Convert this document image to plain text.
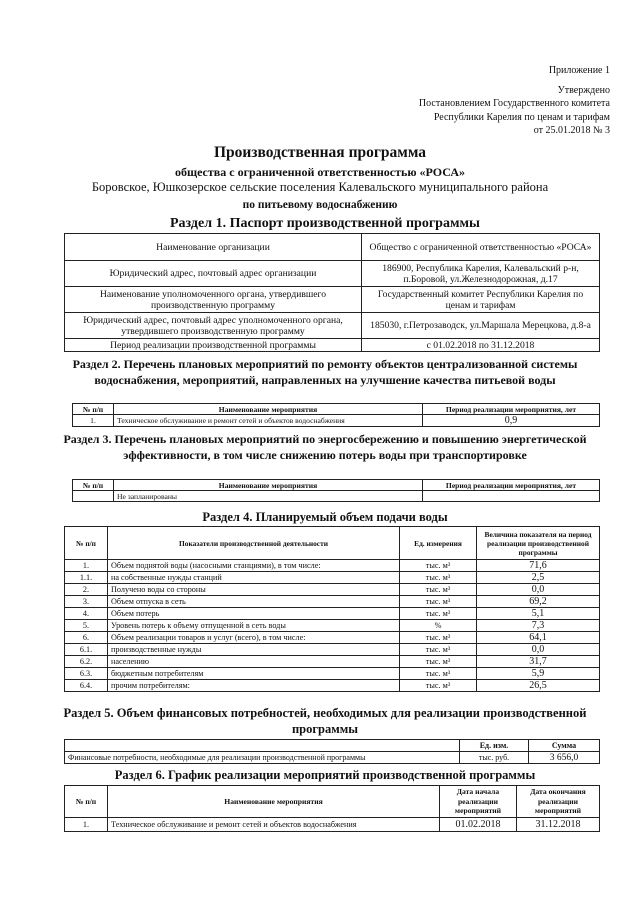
Приложение 1
Утверждено
Постановлением Государственного комитета
Республики Карелия по ценам и тарифам
от 25.01.2018 № 3
Производственная программа
общества с ограниченной ответственностью «РОСА»
Боровское, Юшкозерское сельские поселения Калевальского муниципального района
по питьевому водоснабжению
Раздел 1. Паспорт производственной программы
Наименование организации	Общество с ограниченной ответственностью «РОСА»
Юридический адрес, почтовый адрес организации	186900, Республика Карелия, Калевальский р-н, п.Боровой, ул.Железнодорожная, д.17
Наименование уполномоченного органа, утвердившего производственную программу	Государственный комитет Республики Карелия по ценам и тарифам
Юридический адрес, почтовый адрес уполномоченного органа, утвердившего производственную программу	185030, г.Петрозаводск, ул.Маршала Мерецкова, д.8-а
Период реализации производственной программы	с 01.02.2018 по 31.12.2018
Раздел 2. Перечень плановых мероприятий по ремонту объектов централизованной системы водоснабжения, мероприятий, направленных на улучшение качества питьевой воды
№ п/п	Наименование мероприятия	Период реализации мероприятия, лет
1.	Техническое обслуживание и ремонт сетей и объектов водоснабжения	0,9
Раздел 3. Перечень плановых мероприятий по энергосбережению и повышению энергетической эффективности, в том числе снижению потерь воды при транспортировке
№ п/п	Наименование мероприятия	Период реализации мероприятия, лет
	Не запланированы	
Раздел 4. Планируемый объем подачи воды
№ п/п	Показатели производственной деятельности	Ед. измерения	Величина показателя на период реализации производственной программы
1.	Объем поднятой воды (насосными станциями), в том числе:	тыс. м³	71,6
1.1.	на собственные нужды станций	тыс. м³	2,5
2.	Получено воды со стороны	тыс. м³	0,0
3.	Объем отпуска в сеть	тыс. м³	69,2
4.	Объем потерь	тыс. м³	5,1
5.	Уровень потерь к объему отпущенной в сеть воды	%	7,3
6.	Объем реализации товаров и услуг (всего), в том числе:	тыс. м³	64,1
6.1.	производственные нужды	тыс. м³	0,0
6.2.	населению	тыс. м³	31,7
6.3.	бюджетным потребителям	тыс. м³	5,9
6.4.	прочим потребителям:	тыс. м³	26,5
Раздел 5. Объем финансовых потребностей, необходимых для реализации производственной программы
	Ед. изм.	Сумма
Финансовые потребности, необходимые для реализации производственной программы	тыс. руб.	3 656,0
Раздел 6. График реализации мероприятий производственной программы
№ п/п	Наименование мероприятия	Дата начала реализации мероприятий	Дата окончания реализации мероприятий
1.	Техническое обслуживание и ремонт сетей и объектов водоснабжения	01.02.2018	31.12.2018
